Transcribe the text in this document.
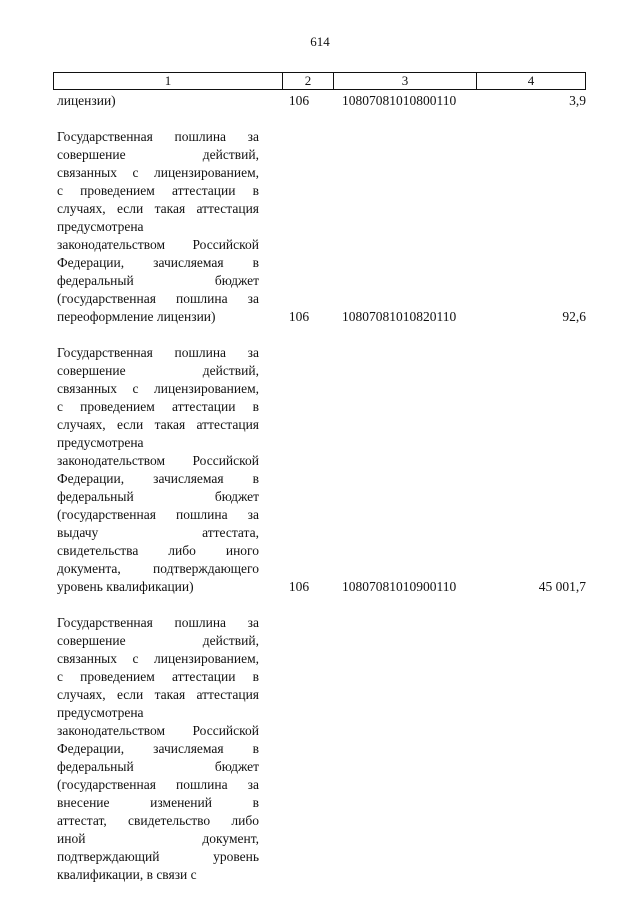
614
1	2	3	4
лицензии)	106	10807081010800110	3,9
Государственная пошлина за
совершение действий,
связанных с лицензированием,
с проведением аттестации в
случаях, если такая аттестация
предусмотрена
законодательством Российской
Федерации, зачисляемая в
федеральный бюджет
(государственная пошлина за
переоформление лицензии)	106	10807081010820110	92,6
Государственная пошлина за
совершение действий,
связанных с лицензированием,
с проведением аттестации в
случаях, если такая аттестация
предусмотрена
законодательством Российской
Федерации, зачисляемая в
федеральный бюджет
(государственная пошлина за
выдачу аттестата,
свидетельства либо иного
документа, подтверждающего
уровень квалификации)	106	10807081010900110	45 001,7
Государственная пошлина за
совершение действий,
связанных с лицензированием,
с проведением аттестации в
случаях, если такая аттестация
предусмотрена
законодательством Российской
Федерации, зачисляемая в
федеральный бюджет
(государственная пошлина за
внесение изменений в
аттестат, свидетельство либо
иной документ,
подтверждающий уровень
квалификации, в связи с
